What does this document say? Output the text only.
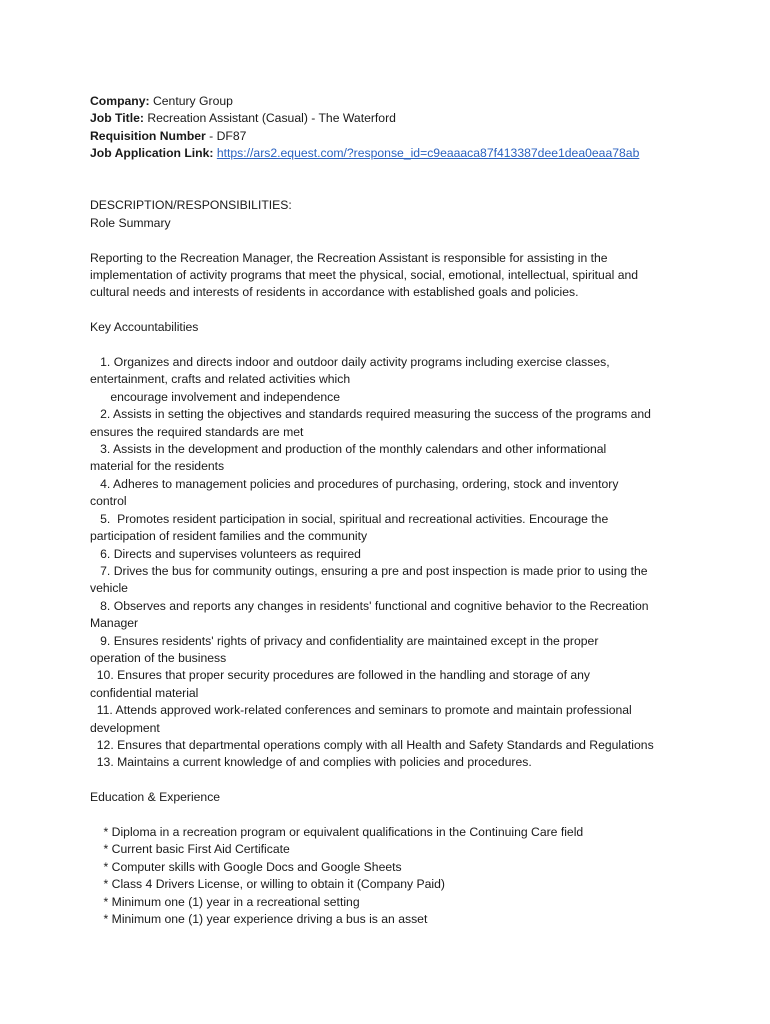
Company: Century Group
Job Title: Recreation Assistant (Casual) - The Waterford
Requisition Number - DF87
Job Application Link: https://ars2.equest.com/?response_id=c9eaaaca87f413387dee1dea0eaa78ab
DESCRIPTION/RESPONSIBILITIES:
Role Summary
Reporting to the Recreation Manager, the Recreation Assistant is responsible for assisting in the
implementation of activity programs that meet the physical, social, emotional, intellectual, spiritual and
cultural needs and interests of residents in accordance with established goals and policies.
Key Accountabilities
1. Organizes and directs indoor and outdoor daily activity programs including exercise classes,
entertainment, crafts and related activities which
encourage involvement and independence
2. Assists in setting the objectives and standards required measuring the success of the programs and
ensures the required standards are met
3. Assists in the development and production of the monthly calendars and other informational
material for the residents
4. Adheres to management policies and procedures of purchasing, ordering, stock and inventory
control
5.  Promotes resident participation in social, spiritual and recreational activities. Encourage the
participation of resident families and the community
6. Directs and supervises volunteers as required
7. Drives the bus for community outings, ensuring a pre and post inspection is made prior to using the
vehicle
8. Observes and reports any changes in residents' functional and cognitive behavior to the Recreation
Manager
9. Ensures residents' rights of privacy and confidentiality are maintained except in the proper
operation of the business
10. Ensures that proper security procedures are followed in the handling and storage of any
confidential material
11. Attends approved work-related conferences and seminars to promote and maintain professional
development
12. Ensures that departmental operations comply with all Health and Safety Standards and Regulations
13. Maintains a current knowledge of and complies with policies and procedures.
Education & Experience
* Diploma in a recreation program or equivalent qualifications in the Continuing Care field
* Current basic First Aid Certificate
* Computer skills with Google Docs and Google Sheets
* Class 4 Drivers License, or willing to obtain it (Company Paid)
* Minimum one (1) year in a recreational setting
* Minimum one (1) year experience driving a bus is an asset
